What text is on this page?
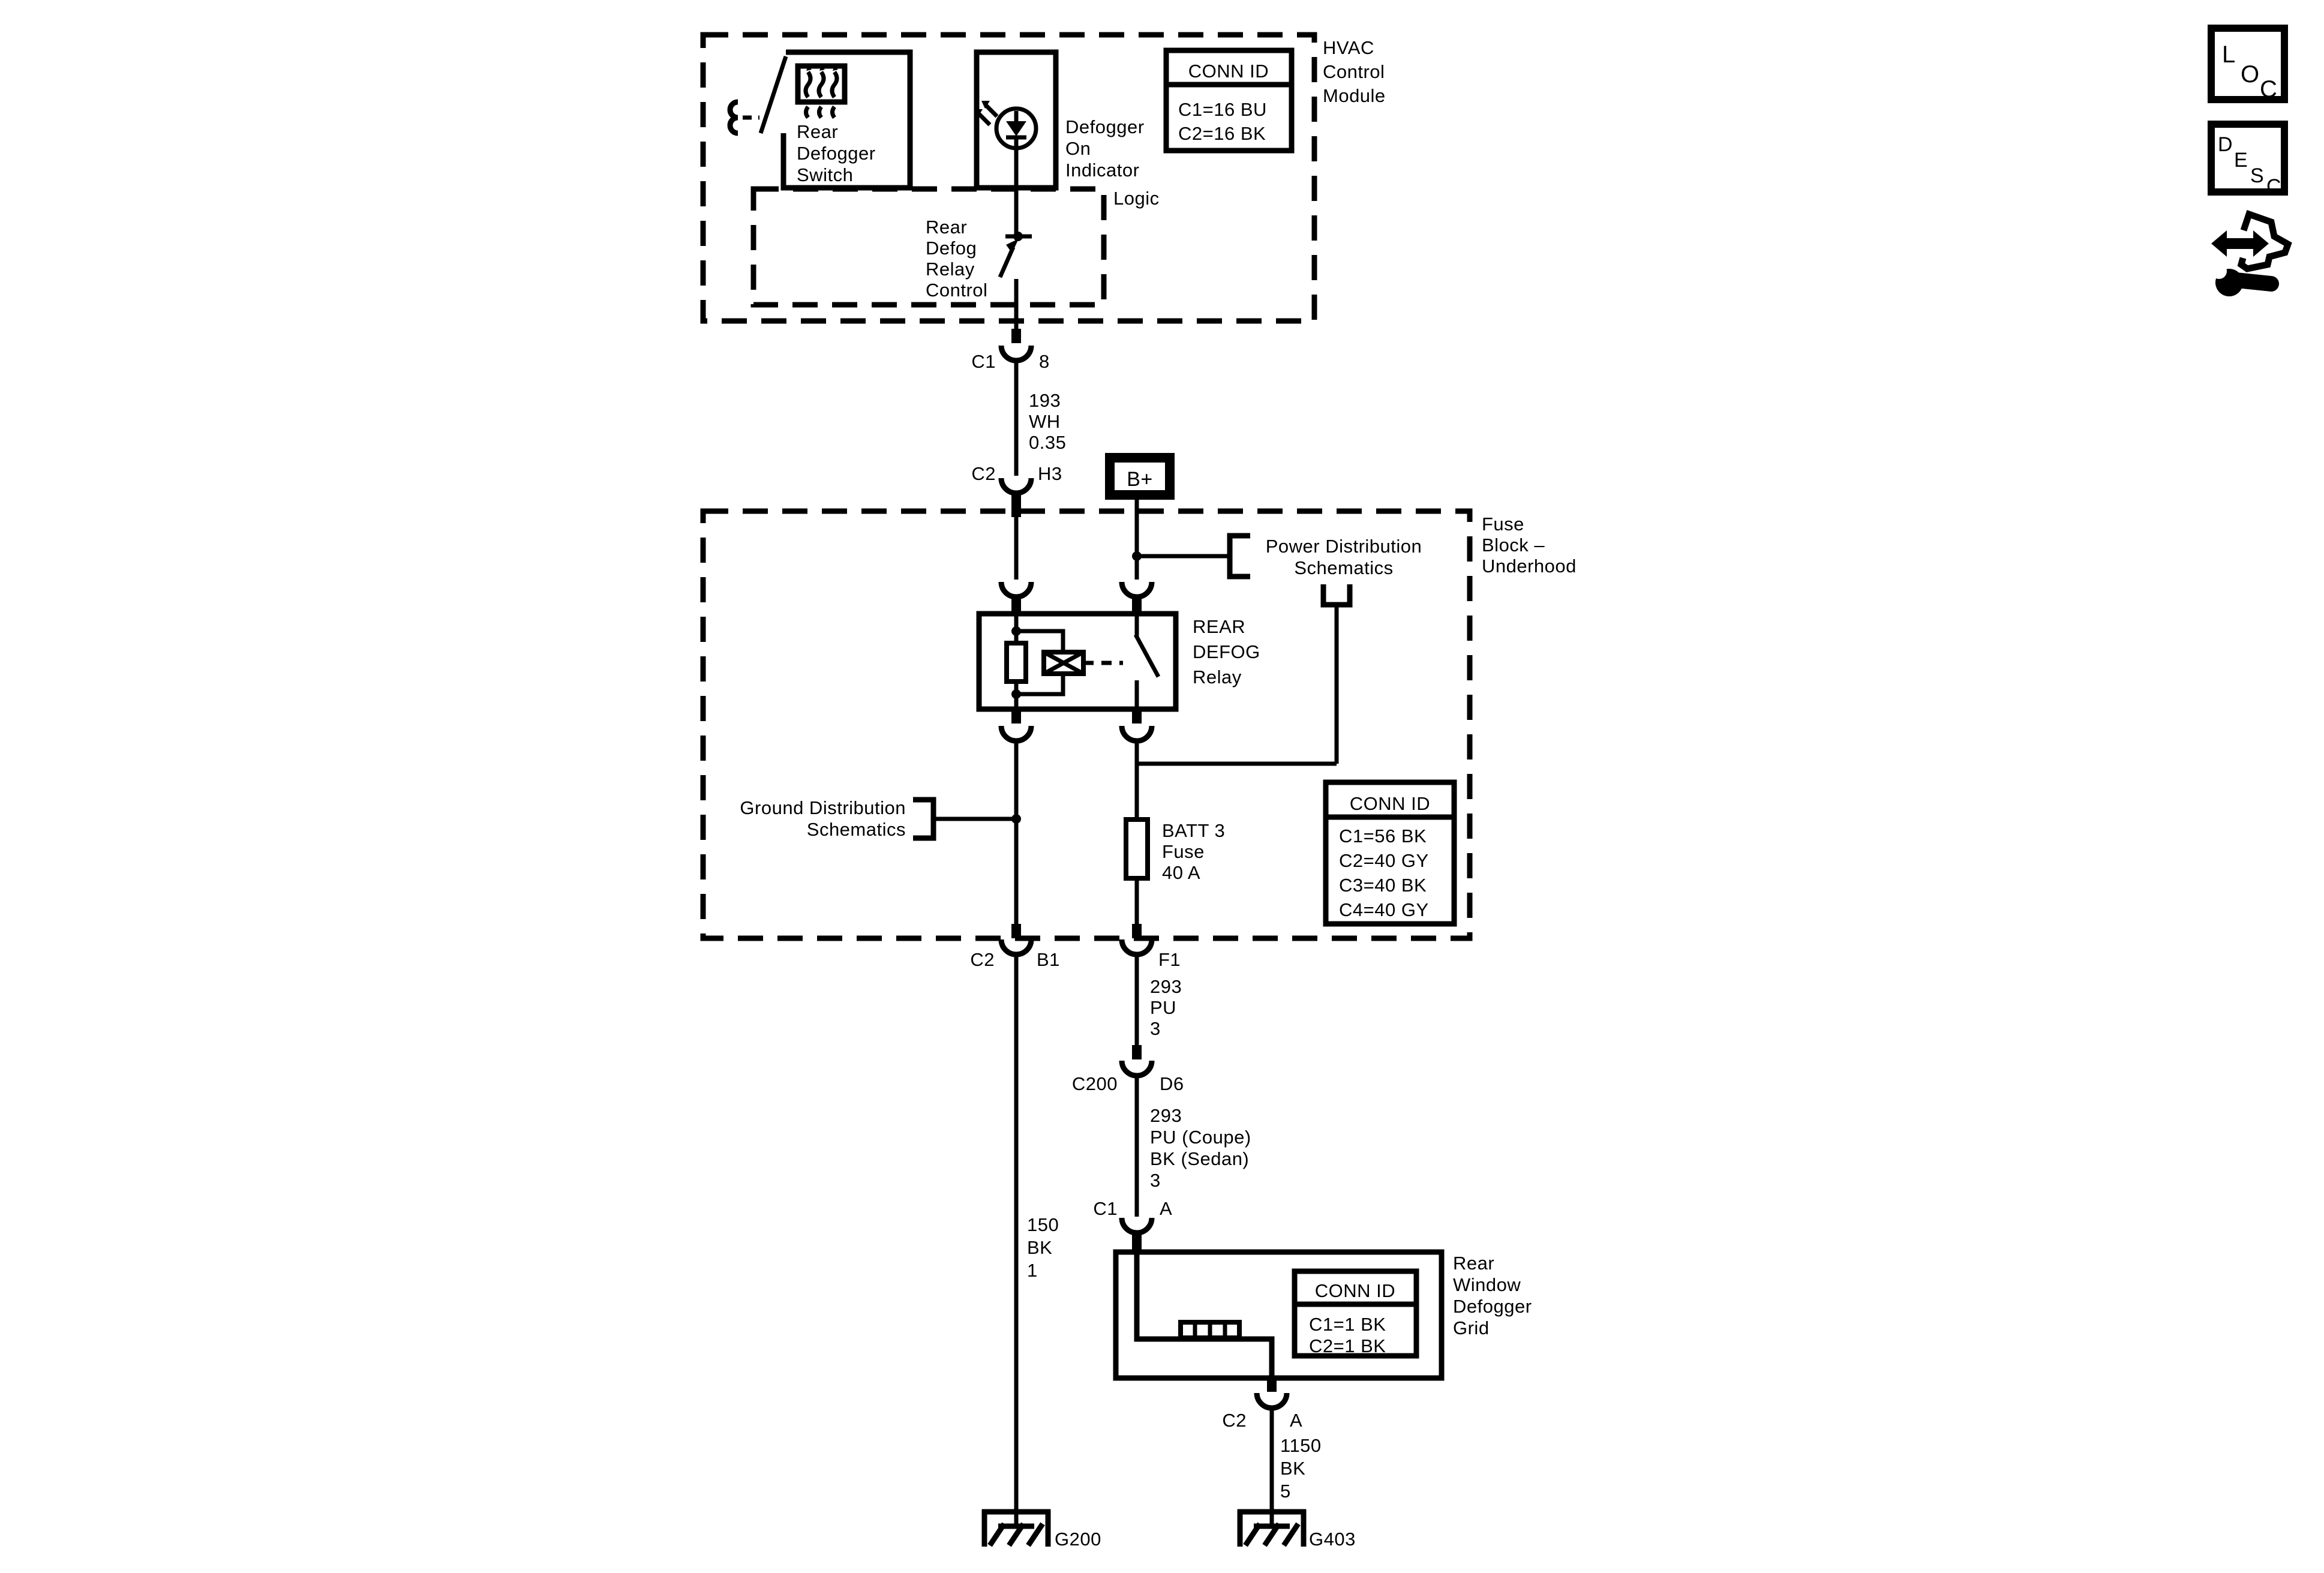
HVAC
Control
Module
Rear
Defogger
Switch
Defogger
On
Indicator
CONN ID
C1=16 BU
C2=16 BK
Logic
Rear
Defog
Relay
Control
C1 8
193
WH
0.35
C2 H3	B+
Fuse
Block –
Underhood
Power Distribution
Schematics
REAR
DEFOG
Relay
Ground Distribution
Schematics	BATT 3
Fuse
40 A
CONN ID
C1=56 BK
C2=40 GY
C3=40 BK
C4=40 GY
C2 B1	F1
293
PU
3
C200 D6
293
PU (Coupe)
BK (Sedan)
3
C1 A
150
BK
1	Rear
Window
Defogger
Grid
CONN ID
C1=1 BK
C2=1 BK
C2 A
1150
BK
5
G200	G403
L
O
C
D
E
S C
